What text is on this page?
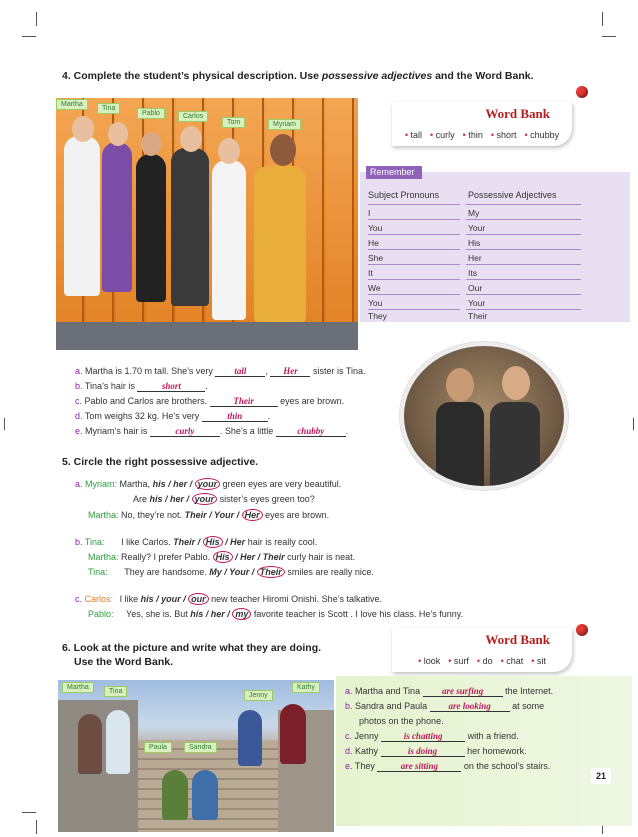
4. Complete the student’s physical description. Use possessive adjectives and the Word Bank.
Martha
Tina
Pablo	Carlos
Tom	Myriam
Word Bank
• tall • curly • thin • short • chubby
Remember
Subject Pronouns	Possessive Adjectives
I	My
You	Your
He	His
She	Her
It	Its
We	Our
You	Your
They	Their
a. Martha is 1.70 m tall. She’s very tall , Her sister is Tina.
b. Tina’s hair is	short	.
c. Pablo and Carlos are brothers.	Their	eyes are brown.
d. Tom weighs 32 kg. He’s very	thin	.
e. Myriam’s hair is	curly	. She’s a little	chubby .
5. Circle the right possessive adjective.
a. Myriam: Martha, his / her / your green eyes are very beautiful.
Are his / her / your sister’s eyes green too?
Martha: No, they’re not. Their / Your / Her eyes are brown.
b. Tina: I like Carlos. Their / His / Her hair is really cool.
Martha: Really? I prefer Pablo. His / Her / Their curly hair is neat.
Tina: They are handsome. My / Your / Their smiles are really nice.
c. Carlos: I like his / your / our new teacher Hiromi Onishi. She’s talkative.
Pablo: Yes, she is. But his / her / my favorite teacher is Scott . I love his class. He’s funny.
6. Look at the picture and write what they are doing.
Use the Word Bank.
Word Bank
• look • surf • do • chat • sit
Martha
Tina
Jenny
Kathy
Paula	Sandra
a. Martha and Tina are surfing the Internet.
b. Sandra and Paula are looking at some
photos on the phone.
c. Jenny	is chatting	with a friend.
d. Kathy	is doing	her homework.
e. They	are sitting	on the school’s stairs.
21
